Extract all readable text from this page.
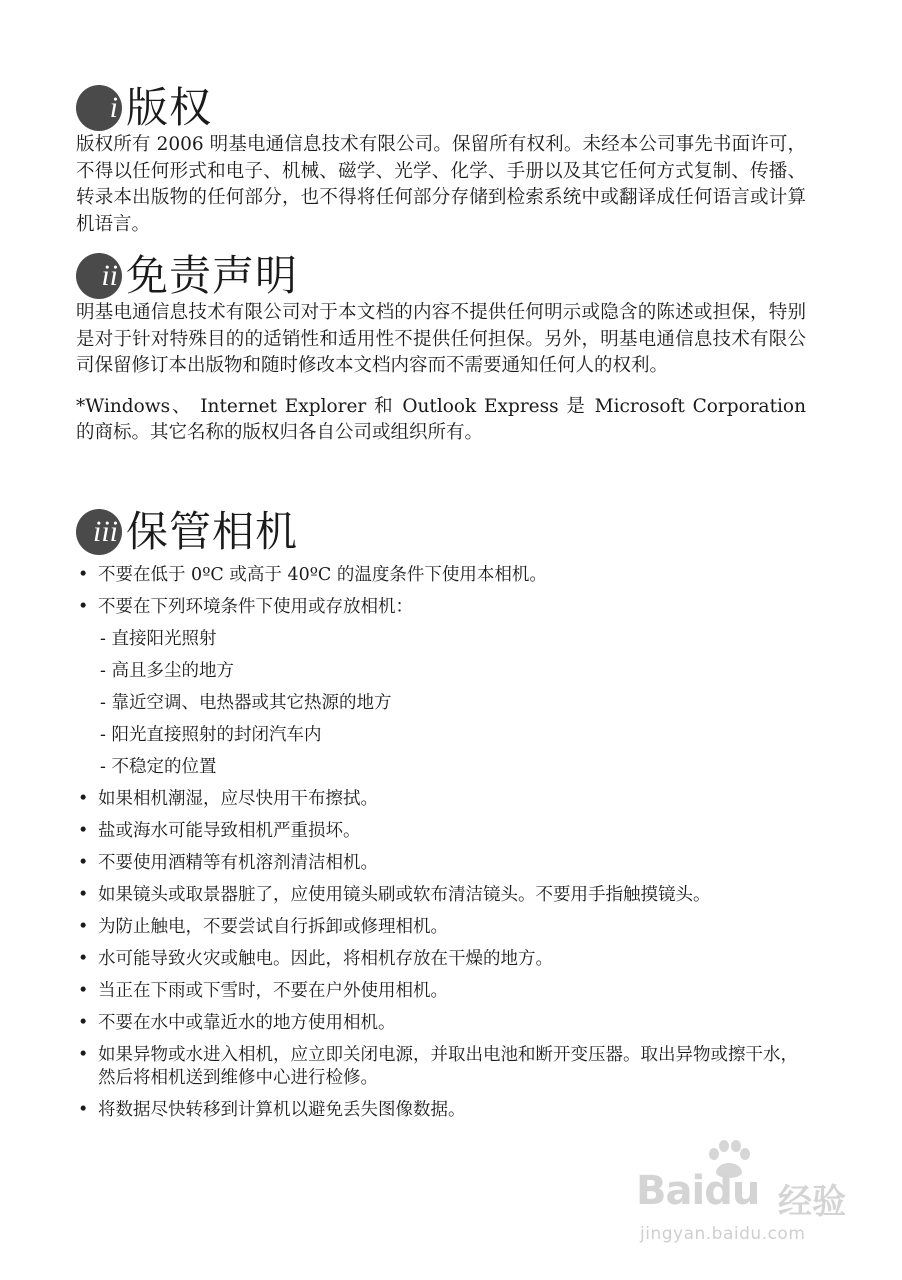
i 版权

版权所有 2006 明基电通信息技术有限公司。保留所有权利。未经本公司事先书面许可，不得以任何形式和电子、机械、磁学、光学、化学、手册以及其它任何方式复制、传播、转录本出版物的任何部分，也不得将任何部分存储到检索系统中或翻译成任何语言或计算机语言。

ii 免责声明

明基电通信息技术有限公司对于本文档的内容不提供任何明示或隐含的陈述或担保，特别是对于针对特殊目的的适销性和适用性不提供任何担保。另外，明基电通信息技术有限公司保留修订本出版物和随时修改本文档内容而不需要通知任何人的权利。

*Windows、 Internet Explorer 和 Outlook Express 是 Microsoft Corporation 的商标。其它名称的版权归各自公司或组织所有。

iii 保管相机
• 不要在低于 0ºC 或高于 40ºC 的温度条件下使用本相机。
• 不要在下列环境条件下使用或存放相机：
- 直接阳光照射
- 高且多尘的地方
- 靠近空调、电热器或其它热源的地方
- 阳光直接照射的封闭汽车内
- 不稳定的位置
• 如果相机潮湿，应尽快用干布擦拭。
• 盐或海水可能导致相机严重损坏。
• 不要使用酒精等有机溶剂清洁相机。
• 如果镜头或取景器脏了，应使用镜头刷或软布清洁镜头。不要用手指触摸镜头。
• 为防止触电，不要尝试自行拆卸或修理相机。
• 水可能导致火灾或触电。因此，将相机存放在干燥的地方。
• 当正在下雨或下雪时，不要在户外使用相机。
• 不要在水中或靠近水的地方使用相机。
• 如果异物或水进入相机，应立即关闭电源，并取出电池和断开变压器。取出异物或擦干水，然后将相机送到维修中心进行检修。
• 将数据尽快转移到计算机以避免丢失图像数据。
Baidu 经验
jingyan.baidu.com
